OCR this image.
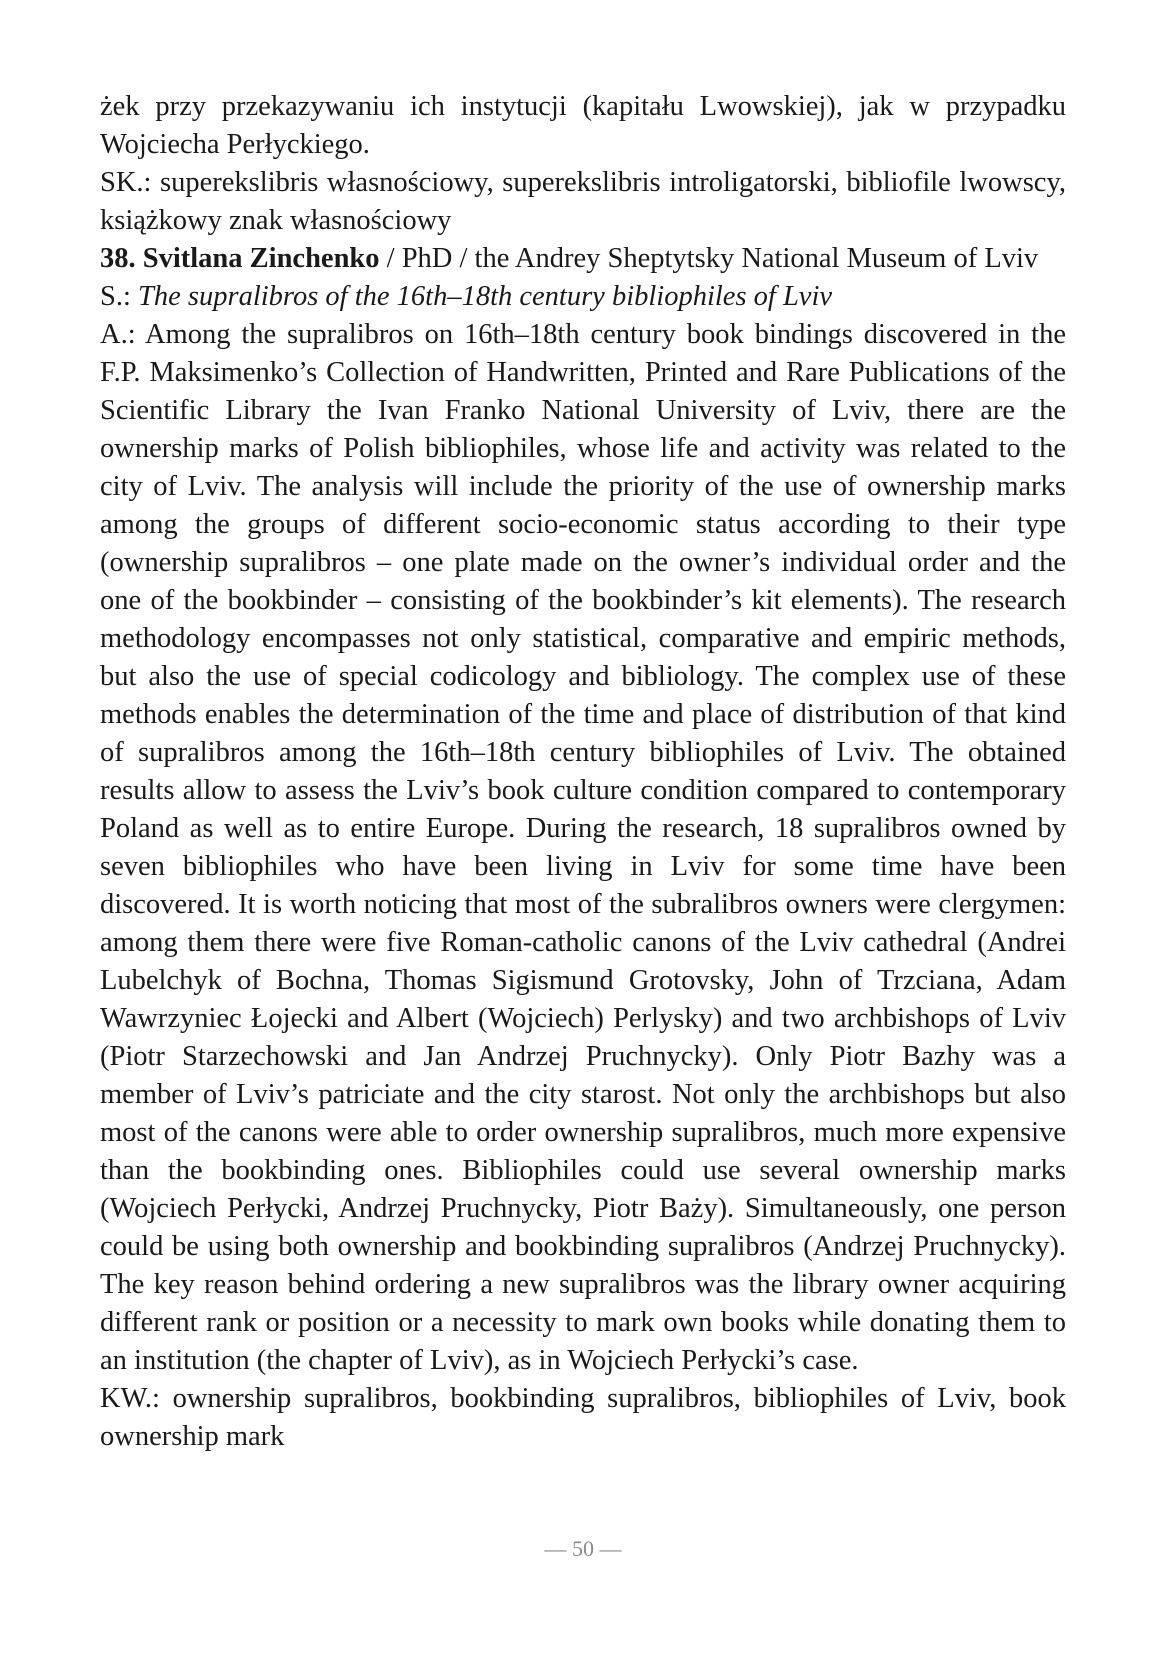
żek przy przekazywaniu ich instytucji (kapitału Lwowskiej), jak w przypadku Wojciecha Perłyckiego.

SK.: superekslibris własnościowy, superekslibris introligatorski, bibliofile lwowscy, książkowy znak własnościowy

38. Svitlana Zinchenko / PhD / the Andrey Sheptytsky National Museum of Lviv

S.: The supralibros of the 16th–18th century bibliophiles of Lviv

A.: Among the supralibros on 16th–18th century book bindings discovered in the F.P. Maksimenko’s Collection of Handwritten, Printed and Rare Publications of the Scientific Library the Ivan Franko National University of Lviv, there are the ownership marks of Polish bibliophiles, whose life and activity was related to the city of Lviv. The analysis will include the priority of the use of ownership marks among the groups of different socio-economic status according to their type (ownership supralibros – one plate made on the owner’s individual order and the one of the bookbinder – consisting of the bookbinder’s kit elements). The research methodology encompasses not only statistical, comparative and empiric methods, but also the use of special codicology and bibliology. The complex use of these methods enables the determination of the time and place of distribution of that kind of supralibros among the 16th–18th century bibliophiles of Lviv. The obtained results allow to assess the Lviv’s book culture condition compared to contemporary Poland as well as to entire Europe. During the research, 18 supralibros owned by seven bibliophiles who have been living in Lviv for some time have been discovered. It is worth noticing that most of the subralibros owners were clergymen: among them there were five Roman-catholic canons of the Lviv cathedral (Andrei Lubelchyk of Bochna, Thomas Sigismund Grotovsky, John of Trzciana, Adam Wawrzyniec Łojecki and Albert (Wojciech) Perlysky) and two archbishops of Lviv (Piotr Starzechowski and Jan Andrzej Pruchnycky). Only Piotr Bazhy was a member of Lviv’s patriciate and the city starost. Not only the archbishops but also most of the canons were able to order ownership supralibros, much more expensive than the bookbinding ones. Bibliophiles could use several ownership marks (Wojciech Perłycki, Andrzej Pruchnycky, Piotr Baży). Simultaneously, one person could be using both ownership and bookbinding supralibros (Andrzej Pruchnycky). The key reason behind ordering a new supralibros was the library owner acquiring different rank or position or a necessity to mark own books while donating them to an institution (the chapter of Lviv), as in Wojciech Perłycki’s case.

KW.: ownership supralibros, bookbinding supralibros, bibliophiles of Lviv, book ownership mark

— 50 —
